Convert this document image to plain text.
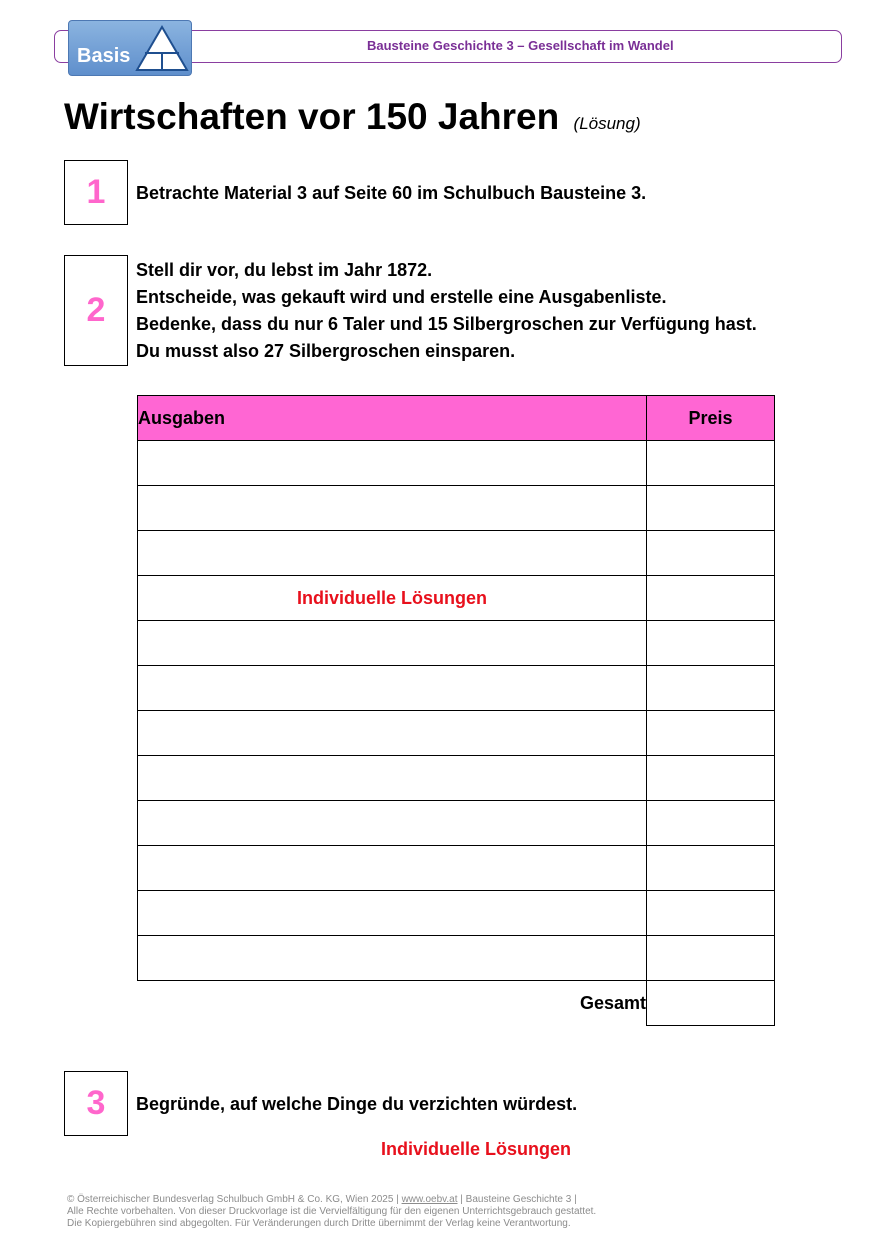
Bausteine Geschichte 3 – Gesellschaft im Wandel
Basis
Wirtschaften vor 150 Jahren (Lösung)
1	Betrachte Material 3 auf Seite 60 im Schulbuch Bausteine 3.
2
Stell dir vor, du lebst im Jahr 1872.
Entscheide, was gekauft wird und erstelle eine Ausgabenliste.
Bedenke, dass du nur 6 Taler und 15 Silbergroschen zur Verfügung hast.
Du musst also 27 Silbergroschen einsparen.
Ausgaben	Preis

Individuelle Lösungen	

Gesamt	
3	Begründe, auf welche Dinge du verzichten würdest.
Individuelle Lösungen
© Österreichischer Bundesverlag Schulbuch GmbH & Co. KG, Wien 2025 | www.oebv.at | Bausteine Geschichte 3 |
Alle Rechte vorbehalten. Von dieser Druckvorlage ist die Vervielfältigung für den eigenen Unterrichtsgebrauch gestattet.
Die Kopiergebühren sind abgegolten. Für Veränderungen durch Dritte übernimmt der Verlag keine Verantwortung.
